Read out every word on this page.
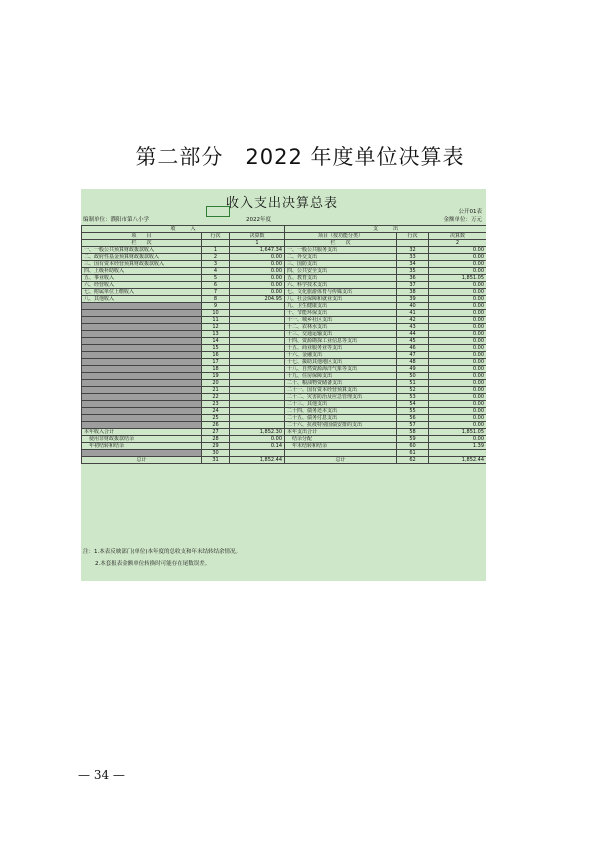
第二部分　2022 年度单位决算表
收入支出决算总表
公开01表
编制单位：濮阳市第八小学	2022年度	金额单位：万元
收　　　入			支　　　出		
项　　目	行次	决算数	项目（按功能分类）	行次	决算数
栏　　次		1	栏　　次		2
一、一般公共预算财政拨款收入	1	1,647.34	一、一般公共服务支出	32	0.00
二、政府性基金预算财政拨款收入	2	0.00	二、外交支出	33	0.00
三、国有资本经营预算财政拨款收入	3	0.00	三、国防支出	34	0.00
四、上级补助收入	4	0.00	四、公共安全支出	35	0.00
五、事业收入	5	0.00	五、教育支出	36	1,851.05
六、经营收入	6	0.00	六、科学技术支出	37	0.00
七、附属单位上缴收入	7	0.00	七、文化旅游体育与传媒支出	38	0.00
八、其他收入	8	204.95	八、社会保障和就业支出	39	0.00
	9		九、卫生健康支出	40	0.00
	10		十、节能环保支出	41	0.00
	11		十一、城乡社区支出	42	0.00
	12		十二、农林水支出	43	0.00
	13		十三、交通运输支出	44	0.00
	14		十四、资源勘探工业信息等支出	45	0.00
	15		十五、商业服务业等支出	46	0.00
	16		十六、金融支出	47	0.00
	17		十七、援助其他地区支出	48	0.00
	18		十八、自然资源海洋气象等支出	49	0.00
	19		十九、住房保障支出	50	0.00
	20		二十、粮油物资储备支出	51	0.00
	21		二十一、国有资本经营预算支出	52	0.00
	22		二十二、灾害防治及应急管理支出	53	0.00
	23		二十三、其他支出	54	0.00
	24		二十四、债务还本支出	55	0.00
	25		二十五、债务付息支出	56	0.00
	26		二十六、抗疫特别国债安排的支出	57	0.00
本年收入合计	27	1,852.30	本年支出合计	58	1,851.05
　使用非财政拨款结余	28	0.00	　结余分配	59	0.00
　年初结转和结余	29	0.14	　年末结转和结余	60	1.39
	30			61	
总计	31	1,852.44	总计	62	1,852.44
注：1.本表反映部门(单位)本年度的总收支和年末结转结余情况。
2.本套报表金额单位转换时可能存在尾数误差。
— 34 —
